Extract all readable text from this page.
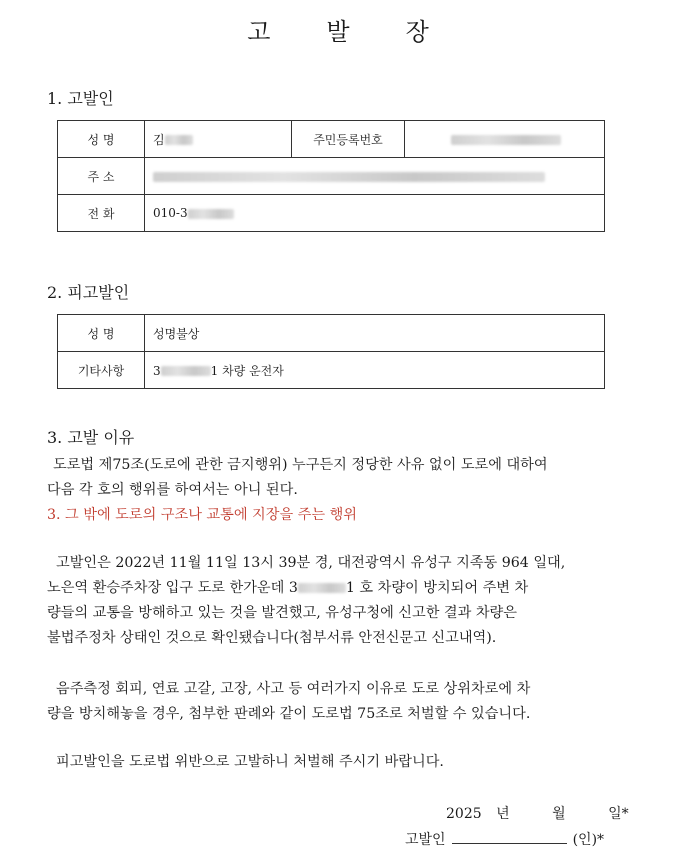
고 발 장
1. 고발인
성 명	김	주민등록번호	
주 소			
전 화	010-3		
2. 피고발인
성 명	성명불상
기타사항	3 1 차량 운전자
3. 고발 이유
도로법 제75조(도로에 관한 금지행위) 누구든지 정당한 사유 없이 도로에 대하여
다음 각 호의 행위를 하여서는 아니 된다.
3. 그 밖에 도로의 구조나 교통에 지장을 주는 행위
고발인은 2022년 11월 11일 13시 39분 경, 대전광역시 유성구 지족동 964 일대,
노은역 환승주차장 입구 도로 한가운데 3	1 호 차량이 방치되어 주변 차
량들의 교통을 방해하고 있는 것을 발견했고, 유성구청에 신고한 결과 차량은
불법주정차 상태인 것으로 확인됐습니다(첨부서류 안전신문고 신고내역).
음주측정 회피, 연료 고갈, 고장, 사고 등 여러가지 이유로 도로 상위차로에 차
량을 방치해놓을 경우, 첨부한 판례와 같이 도로법 75조로 처벌할 수 있습니다.
피고발인을 도로법 위반으로 고발하니 처벌해 주시기 바랍니다.
2025 년	월	일*
고발인	(인)*
